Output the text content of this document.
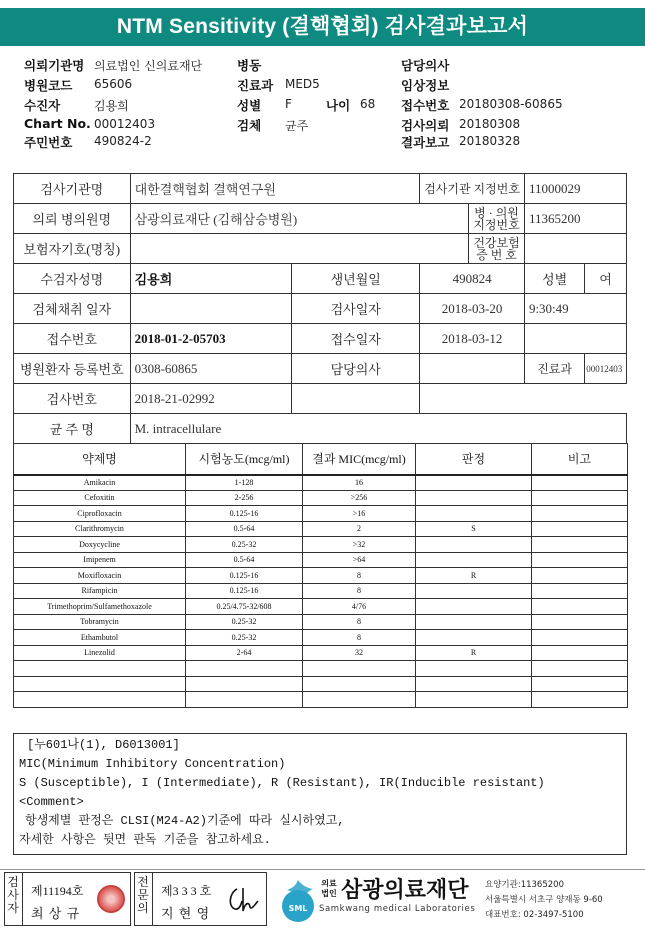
NTM Sensitivity (결핵협회) 검사결과보고서
의뢰기관명 의료법인 신의료재단
병원코드 65606
수진자	김용희
Chart No. 00012403
주민번호 490824-2
병동
진료과 MED5
성별 F	나이 68
검체 균주
담당의사
임상정보
접수번호 20180308-60865
검사의뢰 20180308
결과보고 20180328
검사기관명	대한결핵협회 결핵연구원		검사기관 지정번호		11000029	
의뢰 병의원명	삼광의료재단 (김해삼승병원)			병 · 의원 지정번호	11365200	
보험자기호(명칭)				건강보험 증 번 호		
수검자성명	김용희	생년월일	490824		성별	여
검체채취 일자		검사일자	2018-03-20		9:30:49	
접수번호	2018-01-2-05703	접수일자	2018-03-12			
병원환자 등록번호	0308-60865	담당의사			진료과	00012403
검사번호	2018-21-02992					
균 주 명	M. intracellulare					
약제명	시험농도(mcg/ml)	결과 MIC(mcg/ml)	판정	비고
Amikacin	1-128	16		
Cefoxitin	2-256	>256		
Ciprofloxacin	0.125-16	>16		
Clarithromycin	0.5-64	2	S	
Doxycycline	0.25-32	>32		
Imipenem	0.5-64	>64		
Moxifloxacin	0.125-16	8	R	
Rifampicin	0.125-16	8		
Trimethoprim/Sulfamethoxazole	0.25/4.75-32/608	4/76		
Tobramycin	0.25-32	8		
Ethambutol	0.25-32	8		
Linezolid	2-64	32	R	

[누601나(1), D6013001]
MIC(Minimum Inhibitory Concentration)
S (Susceptible), I (Intermediate), R (Resistant), IR(Inducible resistant)
<Comment>
항생제별 판정은 CLSI(M24-A2)기준에 따라 실시하였고,
자세한 사항은 뒷면 판독 기준을 참고하세요.
검사자
제11194호
최 상 규
전문의
제3 3 3 호
지 현 영	SML
의료법인 삼광의료재단
Samkwang medical Laboratories
요양기관:11365200
서울특별시 서초구 양재동 9-60
대표번호: 02-3497-5100
